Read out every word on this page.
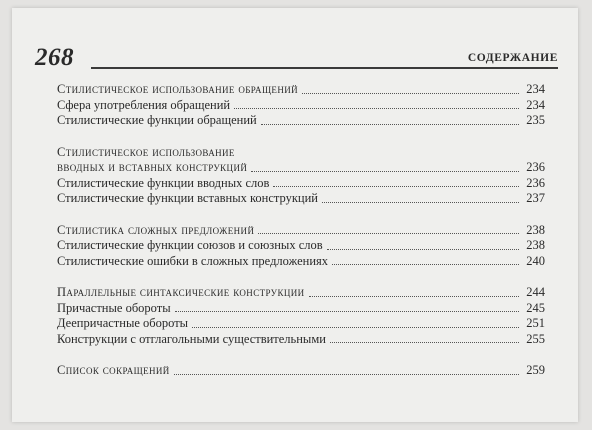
268	СОДЕРЖАНИЕ
Стилистическое использование обращений	234
Сфера употребления обращений	234
Стилистические функции обращений	235
Стилистическое использование
вводных и вставных конструкций	236
Стилистические функции вводных слов	236
Стилистические функции вставных конструкций	237
Стилистика сложных предложений	238
Стилистические функции союзов и союзных слов	238
Стилистические ошибки в сложных предложениях	240
Параллельные синтаксические конструкции	244
Причастные обороты	245
Деепричастные обороты	251
Конструкции с отглагольными существительными	255
Список сокращений	259
